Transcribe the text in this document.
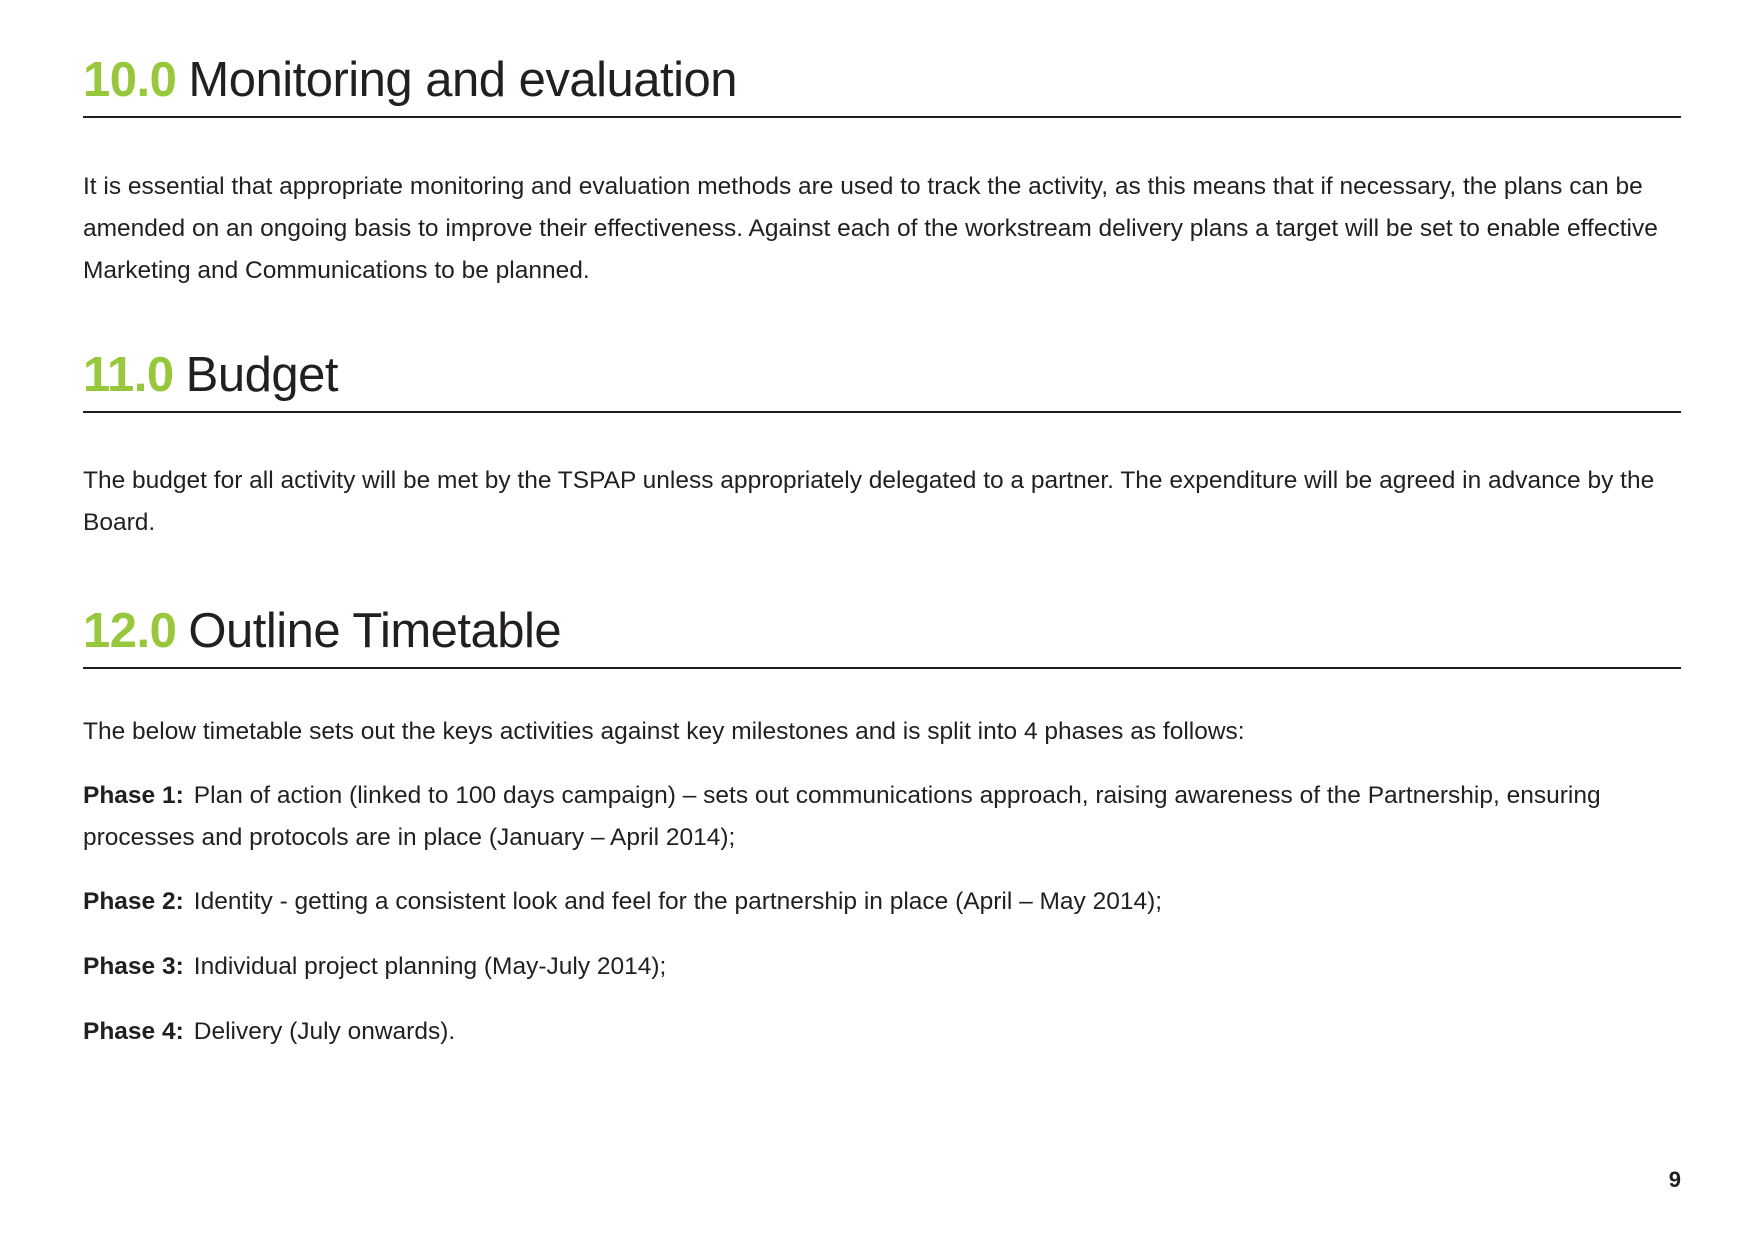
10.0 Monitoring and evaluation

It is essential that appropriate monitoring and evaluation methods are used to track the activity, as this means that if necessary, the plans can be amended on an ongoing basis to improve their effectiveness. Against each of the workstream delivery plans a target will be set to enable effective Marketing and Communications to be planned.

11.0 Budget

The budget for all activity will be met by the TSPAP unless appropriately delegated to a partner. The expenditure will be agreed in advance by the Board.

12.0 Outline Timetable

The below timetable sets out the keys activities against key milestones and is split into 4 phases as follows:

Phase 1: Plan of action (linked to 100 days campaign) – sets out communications approach, raising awareness of the Partnership, ensuring processes and protocols are in place (January – April 2014);

Phase 2: Identity - getting a consistent look and feel for the partnership in place (April – May 2014);

Phase 3: Individual project planning (May-July 2014);

Phase 4: Delivery (July onwards).

9
